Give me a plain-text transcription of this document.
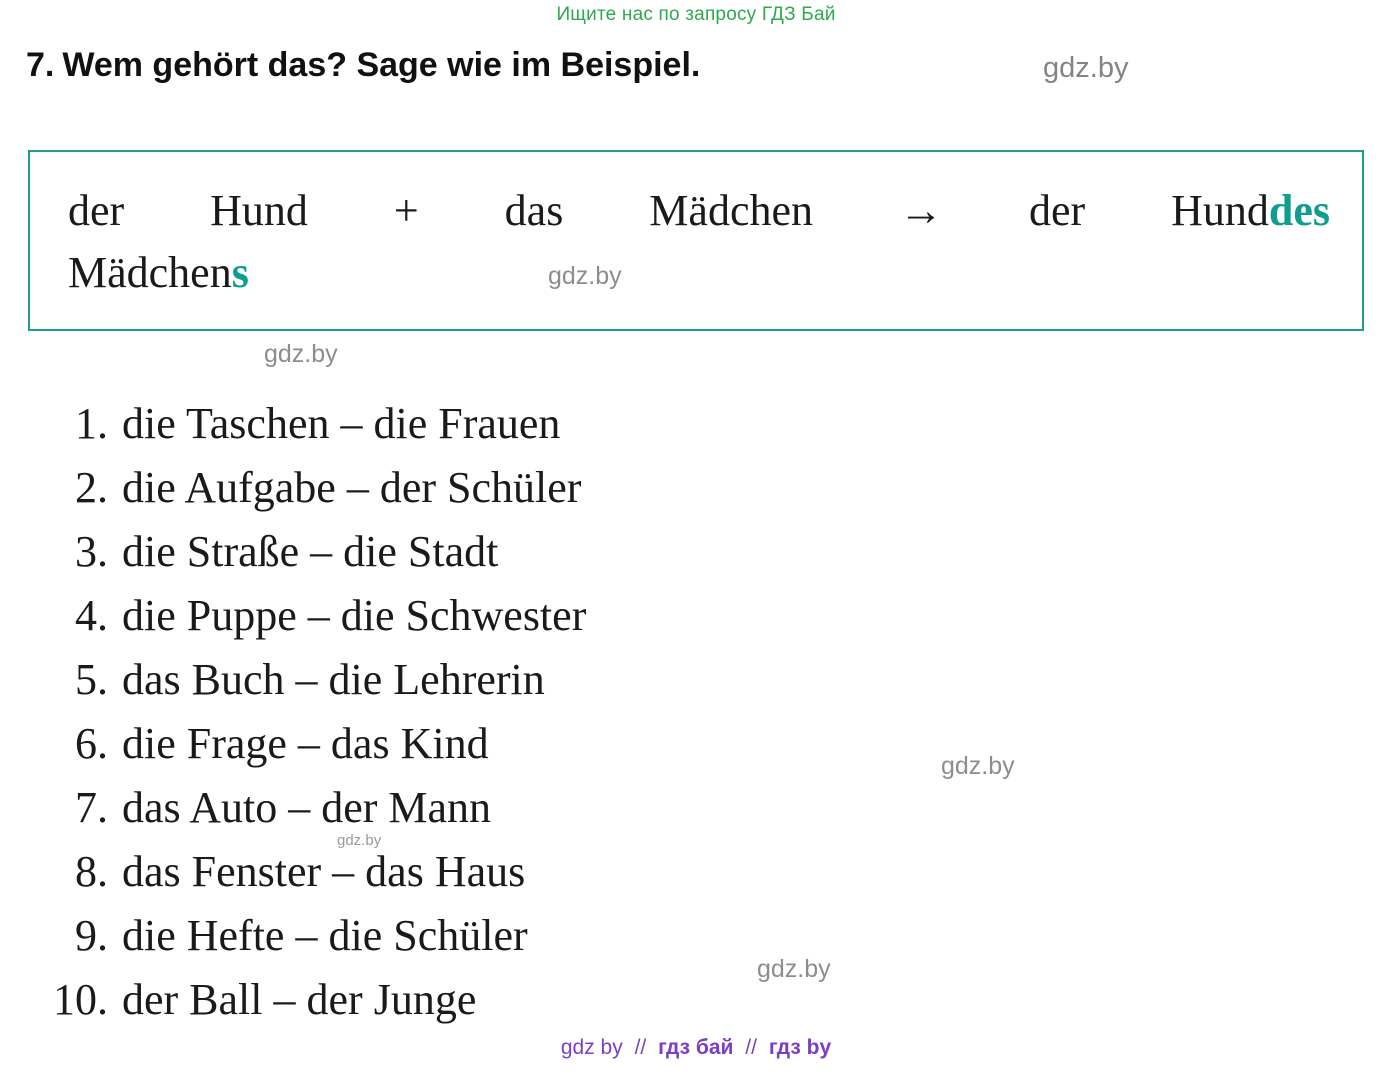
Ищите нас по запросу ГДЗ Бай
7. Wem gehört das? Sage wie im Beispiel.	gdz.by
der Hund + das Mädchen → der Hunddes
Mädchens	gdz.by
gdz.by
1. die Taschen – die Frauen
2. die Aufgabe – der Schüler
3. die Straße – die Stadt
4. die Puppe – die Schwester
5. das Buch – die Lehrerin
6. die Frage – das Kind
7. das Auto – der Mann
8. das Fenster – das Haus
9. die Hefte – die Schüler
10. der Ball – der Junge
gdz.by
gdz.by
gdz.by
gdz by // гдз бай // гдз by
